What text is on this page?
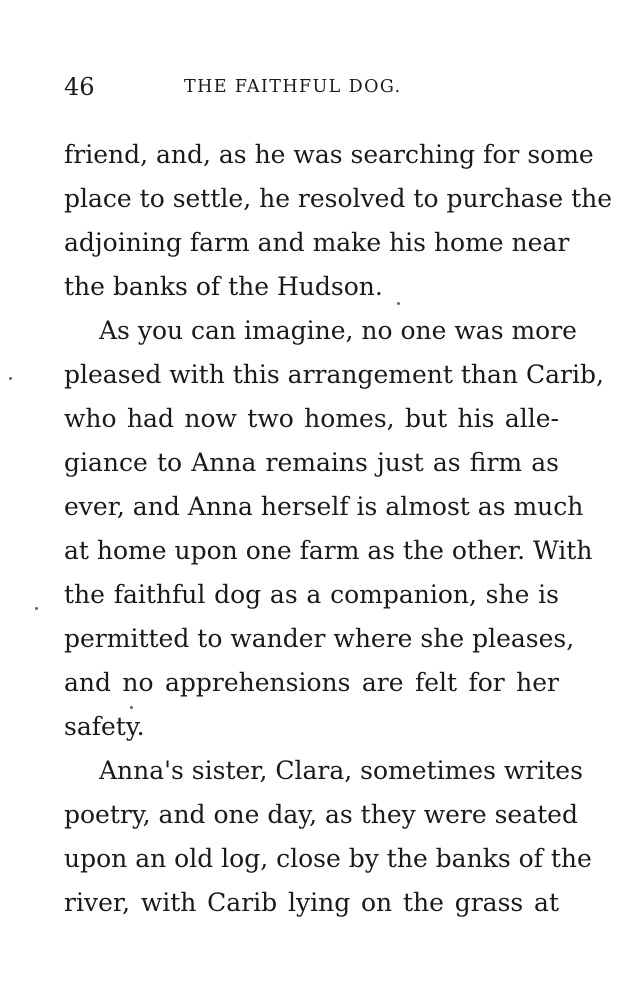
46	THE FAITHFUL DOG.
friend, and, as he was searching for some
place to settle, he resolved to purchase the
adjoining farm and make his home near
the banks of the Hudson.
As you can imagine, no one was more
pleased with this arrangement than Carib,
who had now two homes, but his alle-
giance to Anna remains just as firm as
ever, and Anna herself is almost as much
at home upon one farm as the other. With
the faithful dog as a companion, she is
permitted to wander where she pleases,
and no apprehensions are felt for her
safety.
Anna's sister, Clara, sometimes writes
poetry, and one day, as they were seated
upon an old log, close by the banks of the
river, with Carib lying on the grass at
